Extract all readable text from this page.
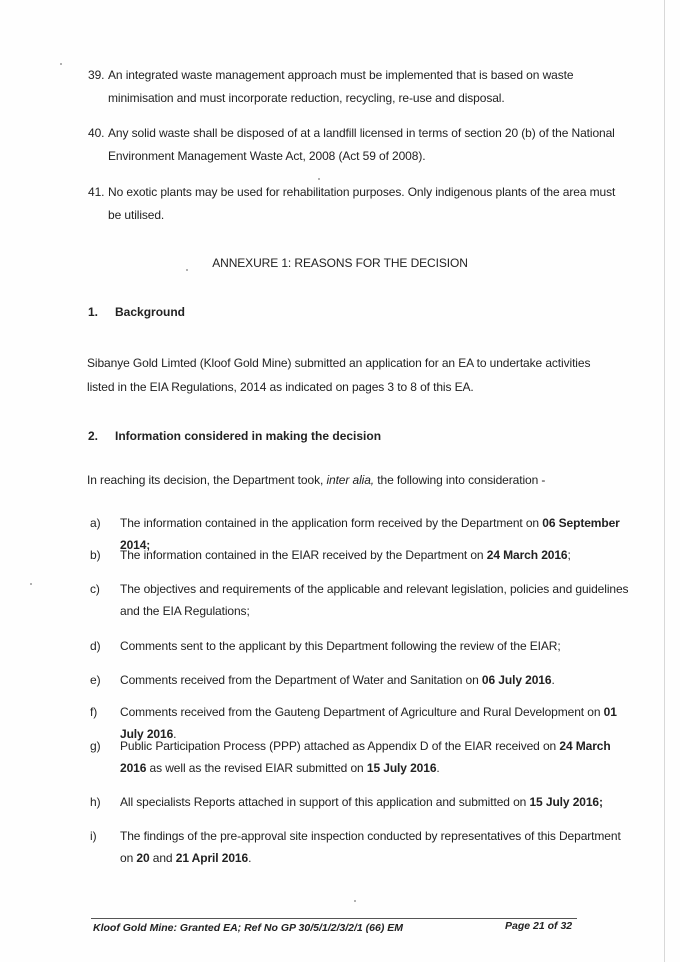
39. An integrated waste management approach must be implemented that is based on waste minimisation and must incorporate reduction, recycling, re-use and disposal.
40. Any solid waste shall be disposed of at a landfill licensed in terms of section 20 (b) of the National Environment Management Waste Act, 2008 (Act 59 of 2008).
41. No exotic plants may be used for rehabilitation purposes. Only indigenous plants of the area must be utilised.
ANNEXURE 1: REASONS FOR THE DECISION
1. Background
Sibanye Gold Limted (Kloof Gold Mine) submitted an application for an EA to undertake activities listed in the EIA Regulations, 2014 as indicated on pages 3 to 8 of this EA.
2. Information considered in making the decision
In reaching its decision, the Department took, inter alia, the following into consideration -
a)	The information contained in the application form received by the Department on 06 September 2014;
b)	The information contained in the EIAR received by the Department on 24 March 2016;
c)	The objectives and requirements of the applicable and relevant legislation, policies and guidelines and the EIA Regulations;
d)	Comments sent to the applicant by this Department following the review of the EIAR;
e)	Comments received from the Department of Water and Sanitation on 06 July 2016.
f)	Comments received from the Gauteng Department of Agriculture and Rural Development on 01 July 2016.
g)	Public Participation Process (PPP) attached as Appendix D of the EIAR received on 24 March 2016 as well as the revised EIAR submitted on 15 July 2016.
h)	All specialists Reports attached in support of this application and submitted on 15 July 2016;
i)	The findings of the pre-approval site inspection conducted by representatives of this Department on 20 and 21 April 2016.
Kloof Gold Mine: Granted EA; Ref No GP 30/5/1/2/3/2/1 (66) EM	Page 21 of 32
